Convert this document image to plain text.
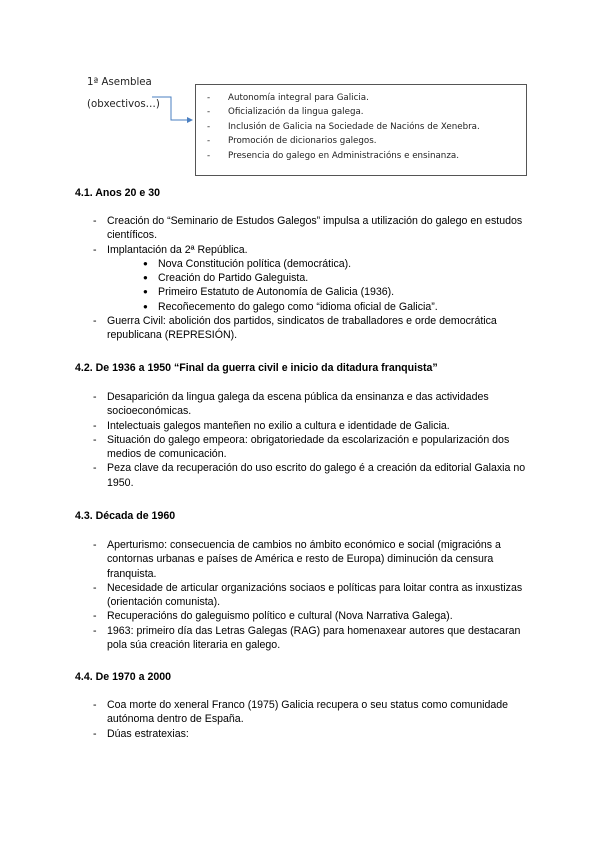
1ª Asemblea
(obxectivos…)
- Autonomía integral para Galicia.
- Oficialización da lingua galega.
- Inclusión de Galicia na Sociedade de Nacións de Xenebra.
- Promoción de dicionarios galegos.
- Presencia do galego en Administracións e ensinanza.
4.1. Anos 20 e 30
- Creación do “Seminario de Estudos Galegos” impulsa a utilización do galego en estudos científicos.
- Implantación da 2ª República.
● Nova Constitución política (democrática).
● Creación do Partido Galeguista.
● Primeiro Estatuto de Autonomía de Galicia (1936).
● Recoñecemento do galego como “idioma oficial de Galicia”.
- Guerra Civil: abolición dos partidos, sindicatos de traballadores e orde democrática republicana (REPRESIÓN).
4.2. De 1936 a 1950 “Final da guerra civil e inicio da ditadura franquista”
- Desaparición da lingua galega da escena pública da ensinanza e das actividades socioeconómicas.
- Intelectuais galegos manteñen no exilio a cultura e identidade de Galicia.
- Situación do galego empeora: obrigatoriedade da escolarización e popularización dos medios de comunicación.
- Peza clave da recuperación do uso escrito do galego é a creación da editorial Galaxia no 1950.
4.3. Década de 1960
- Aperturismo: consecuencia de cambios no ámbito económico e social (migracións a contornas urbanas e países de América e resto de Europa) diminución da censura franquista.
- Necesidade de articular organizacións sociaos e políticas para loitar contra as inxustizas (orientación comunista).
- Recuperacións do galeguismo político e cultural (Nova Narrativa Galega).
- 1963: primeiro día das Letras Galegas (RAG) para homenaxear autores que destacaran pola súa creación literaria en galego.
4.4. De 1970 a 2000
- Coa morte do xeneral Franco (1975) Galicia recupera o seu status como comunidade autónoma dentro de España.
- Dúas estratexias:
